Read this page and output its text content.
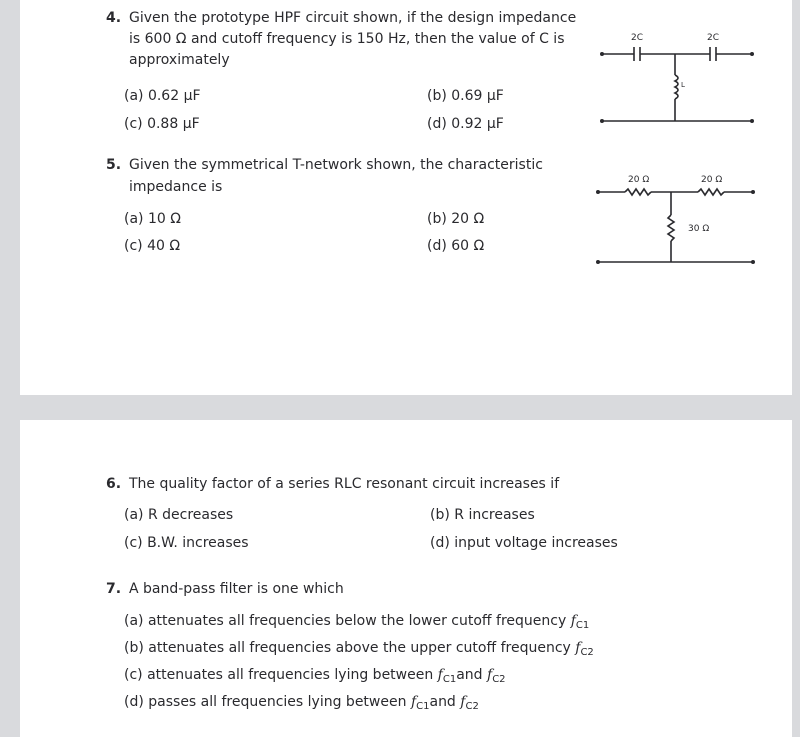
4. Given the prototype HPF circuit shown, if the design impedance
is 600 Ω and cutoff frequency is 150 Hz, then the value of C is
approximately
(a) 0.62 µF	(b) 0.69 µF
(c) 0.88 µF	(d) 0.92 µF
2C	2C
L
5. Given the symmetrical T-network shown, the characteristic
impedance is
(a) 10 Ω	(b) 20 Ω
(c) 40 Ω	(d) 60 Ω
20 Ω	20 Ω
30 Ω
6. The quality factor of a series RLC resonant circuit increases if
(a) R decreases	(b) R increases
(c) B.W. increases	(d) input voltage increases
7. A band-pass filter is one which
(a) attenuates all frequencies below the lower cutoff frequency $f_{C1}$
(b) attenuates all frequencies above the upper cutoff frequency $f_{C2}$
(c) attenuates all frequencies lying between $f_{C1}and$ $f_{C2}$
(d) passes all frequencies lying between $f_{C1}and$ $f_{C2}$
